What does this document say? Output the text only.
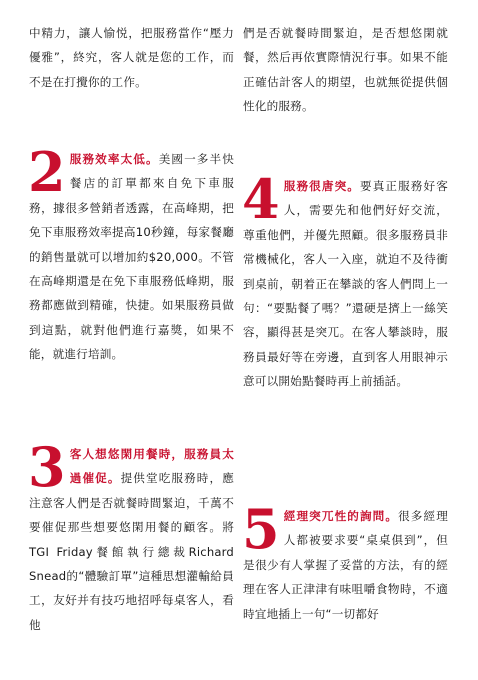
中精力，讓人愉悦，把服務當作“壓力優雅”，終究，客人就是您的工作，而不是在打攪你的工作。

2 服務效率太低。美國一多半快餐店的訂單都來自免下車服務，據很多營銷者透露，在高峰期，把免下車服務效率提高10秒鐘，每家餐廳的銷售量就可以增加約$20,000。不管在高峰期還是在免下車服務低峰期，服務都應做到精確，快捷。如果服務員做到這點，就對他們進行嘉獎，如果不能，就進行培訓。

3 客人想悠閑用餐時，服務員太過催促。提供堂吃服務時，應注意客人們是否就餐時間緊迫，千萬不要催促那些想要悠閑用餐的顧客。將TGI Friday餐館執行總裁Richard Snead的“體驗訂單”這種思想灌輸給員工，友好并有技巧地招呼每桌客人，看他

們是否就餐時間緊迫，是否想悠閑就餐，然后再依實際情況行事。如果不能正確估計客人的期望，也就無從提供個性化的服務。

4 服務很唐突。要真正服務好客人，需要先和他們好好交流，尊重他們，并優先照顧。很多服務員非常機械化，客人一入座，就迫不及待衝到桌前，朝着正在攀談的客人們問上一句：“要點餐了嗎？”還硬是擠上一絲笑容，顯得甚是突兀。在客人攀談時，服務員最好等在旁邊，直到客人用眼神示意可以開始點餐時再上前插話。

5 經理突兀性的詢問。很多經理人都被要求要“桌桌俱到”，但是很少有人掌握了妥當的方法，有的經理在客人正津津有味咀嚼食物時，不適時宜地插上一句“一切都好
